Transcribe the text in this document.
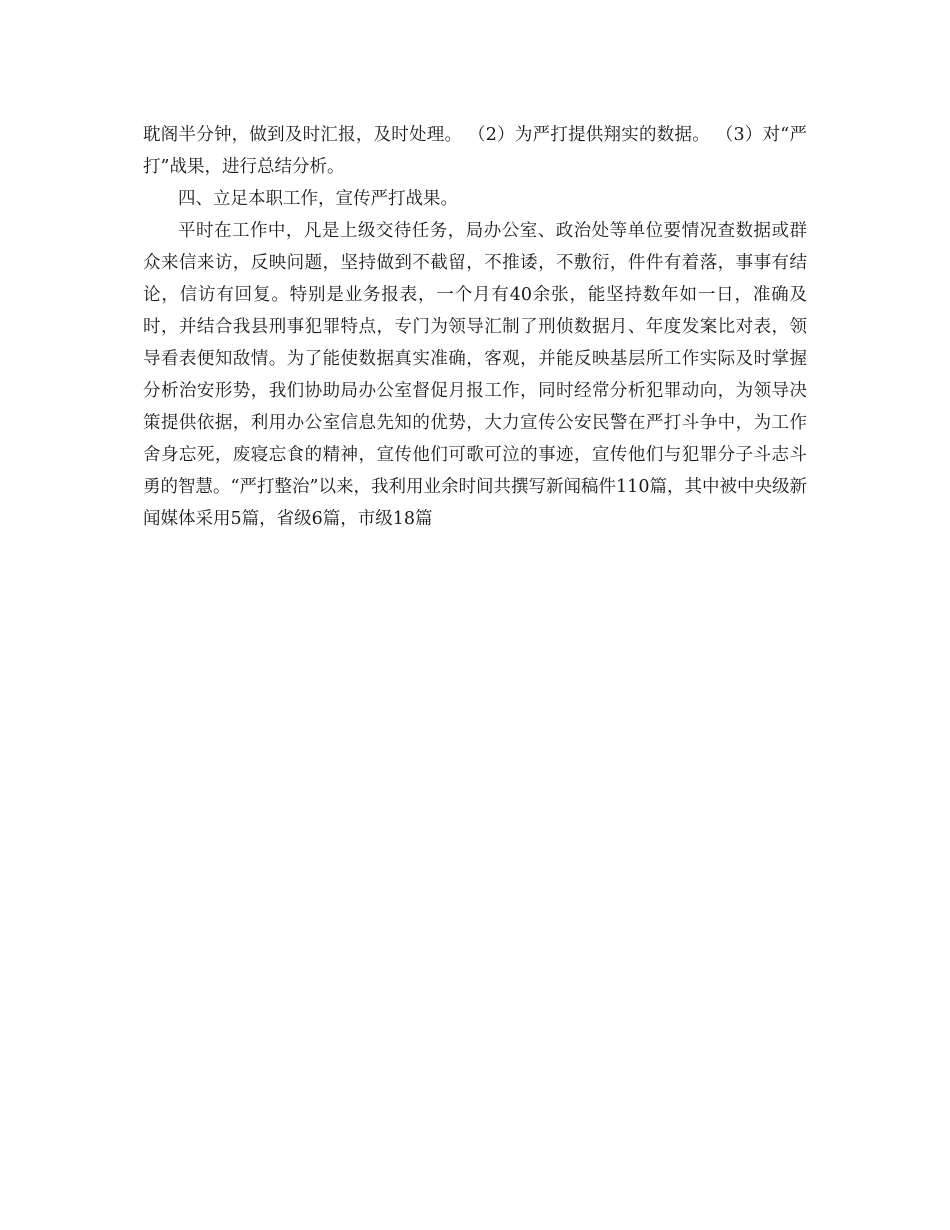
耽阁半分钟，做到及时汇报，及时处理。 （2）为严打提供翔实的数据。 （3）对“严打”战果，进行总结分析。

四、立足本职工作，宣传严打战果。

平时在工作中，凡是上级交待任务，局办公室、政治处等单位要情况查数据或群众来信来访，反映问题，坚持做到不截留，不推诿，不敷衍，件件有着落，事事有结论，信访有回复。特别是业务报表，一个月有40余张，能坚持数年如一日，准确及时，并结合我县刑事犯罪特点，专门为领导汇制了刑侦数据月、年度发案比对表，领导看表便知敌情。为了能使数据真实准确，客观，并能反映基层所工作实际及时掌握分析治安形势，我们协助局办公室督促月报工作，同时经常分析犯罪动向，为领导决策提供依据，利用办公室信息先知的优势，大力宣传公安民警在严打斗争中，为工作舍身忘死，废寝忘食的精神，宣传他们可歌可泣的事迹，宣传他们与犯罪分子斗志斗勇的智慧。“严打整治”以来，我利用业余时间共撰写新闻稿件110篇，其中被中央级新闻媒体采用5篇，省级6篇，市级18篇
